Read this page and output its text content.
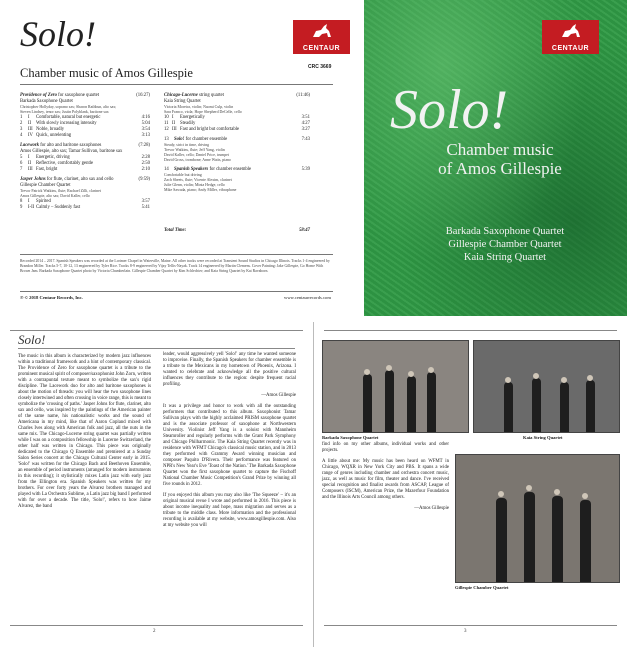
Solo!
Chamber music of Amos Gillespie
CENTAUR
CRC 3669
Providence of Zero for saxophone quartet	(16:27)
Barkada Saxophone Quartet
Christopher Hollyday, soprano sax; Sharon Rathbun, alto sax;
Steven Lindsey, tenor sax; Justin Polyblank, baritone sax
1	I	Comfortable, natural but energetic	4:16
2	II	With slowly increasing intensity	5:04
3	III Noble, broadly	3:54
4	IV Quick, unrelenting	3:13
Lacework for alto and baritone saxophones	(7:28)
Amos Gillespie, alto sax; Tamar Sullivan, baritone sax
5	I	Energetic, driving	2:28
6	II	Reflective, comfortably gentle	2:50
7	III Fast, bright	2:10
Jasper Johns for flute, clarinet, alto sax and cello	(9:59)
Gillespie Chamber Quartet
Trevor Patrick Watkins, flute; Rachael Zilli, clarinet
Amos Gillespie, alto sax; David Kaller, cello
8	I	Spirited	3:57
9	I-II Calmly – Suddenly fast	5:41
Chicago-Lucerne string quartet	(11:46)
Kaia String Quartet
Victoria Moreira, violin; Naomi Culp, violin
Sara Franco, viola; Hope Shepherd DeCelle, cello
10 I	Energetically	3:51
11 II	Steadily	4:27
12 III Fast and bright but comfortable	3:27
13 Solo! for chamber ensemble	7:43
Steady, strict in time, driving
Trevor Watkins, flute; Jeff Yang, violin
David Kaller, cello; Daniel Price, trumpet
David Gross, trombone; Anne Watts, piano
14 Spanish Speakers for chamber ensemble	5:39
Comfortable but driving
Zach Sheets, flute; Vicente Alexim, clarinet
Julie Glenn, violin; Minta Hedge, cello
Mike Sawada, piano; Andy Miller, vibraphone
Total Time:	58:47
Recorded 2014 – 2017. Spanish Speakers was recorded at the Lorimer Chapel in Waterville, Maine. All other tracks were recorded at Transient Sound Studios in Chicago Illinois. Tracks 1-4 engineered by Brandon Miller. Tracks 5-7, 10-12, 13 engineered by Tyler Rice. Tracks 8-9 engineered by Vijay Tellis-Nayak. Track 14 engineered by Martin Clemens. Cover Painting: Jake Gillespie, Go Home With Brown Jam. Barkada Saxophone Quartet photo by Victoria Chamberlain. Gillespie Chamber Quartet by Kim Schlechter; and Kaia String Quartet by Kat Ravaborn.
℗ © 2018 Centaur Records, Inc.	www.centaurrecords.com
CENTAUR
Solo!
Chamber music
of Amos Gillespie
Barkada Saxophone Quartet
Gillespie Chamber Quartet
Kaia String Quartet
Solo!

The music in this album is characterized by modern jazz influences within a traditional framework and a hint of contemporary classical. The Providence of Zero for saxophone quartet is a tribute to the prominent musical spirit of composer/saxophonist John Zorn, written with a contrapuntal texture meant to symbolize the sax's rigid discipline. The Lacework duo for alto and baritone saxophones is about the motion of threads: you will hear the two saxophone lines closely intertwined and often crossing in voice range, this is meant to symbolize the 'crossing of paths.' Jasper Johns for flute, clarinet, alto sax and cello, was inspired by the paintings of the American painter of the same name, his nationalistic works and the sound of Americana in my mind, like that of Aaron Copland mixed with Charles Ives along with American folk and jazz, all the nuts in the same mix. The Chicago-Lucerne string quartet was partially written while I was on a composition fellowship in Lucerne Switzerland, the other half was written in Chicago. This piece was originally dedicated to the Chicago Q Ensemble and premiered at a Sunday Salon Series concert at the Chicago Cultural Center early in 2015. 'Solo!' was written for the Chicago Bach and Beethoven Ensemble, an ensemble of period instruments (arranged for modern instruments in this recording); it stylistically mixes Latin jazz with early jazz from the Ellington era. Spanish Speakers was written for my brothers. For over forty years the Alvarez brothers managed and played with La Orchestra Sublime, a Latin jazz big band I performed with for over a decade. The title, 'Solo!', refers to how Jaime Alvarez, the band

leader, would aggressively yell 'Solo!' any time he wanted someone to improvise. Finally, the Spanish Speakers for chamber ensemble is a tribute to the Mexicans in my hometown of Phoenix, Arizona. I wanted to celebrate and acknowledge all the positive cultural influences they contribute to the region: despite frequent racial profiling.

—Amos Gillespie

It was a privilege and honor to work with all the outstanding performers that contributed to this album. Saxophonist Tamar Sullivan plays with the highly acclaimed PRISM saxophone quartet and is the associate professor of saxophone at Northwestern University. Violinist Jeff Yang is a soloist with Mannheim Steamroller and regularly performs with the Grant Park Symphony and Chicago Philharmonic. The Kaia String Quartet recently was in residence with WFMT Chicago's classical music station, and in 2013 they performed with Grammy Award winning musician and composer Paquito D'Rivera. Their performance was featured on NPR's New Year's Eve 'Toast of the Nation.' The Barkada Saxophone Quartet won the first saxophone quartet to capture the Fischoff National Chamber Music Competition's Grand Prize by winning all five rounds in 2012.

If you enjoyed this album you may also like 'The Squeeze' – it's an original musical revue I wrote and performed in 2016. This piece is about income inequality and hope, mass migration and serves as a tribute to the middle class. More information and the professional recording is available at my website, www.amosgillespie.com. Also at my website you will

2
Barkada Saxophone Quartet	Kaia String Quartet

find info on my other albums, individual works and other projects.

A little about me: My music has been heard on WFMT in Chicago, WQXR in New York City and PBS. It spans a wide range of genres including chamber and orchestra concert music, jazz, as well as music for film, theater and dance. I've received special recognition and finalist awards from ASCAP, League of Composers (ISCM), American Prize, the Mazerfour Foundation and the Illinois Arts Council among others.

—Amos Gillespie

Gillespie Chamber Quartet
3
